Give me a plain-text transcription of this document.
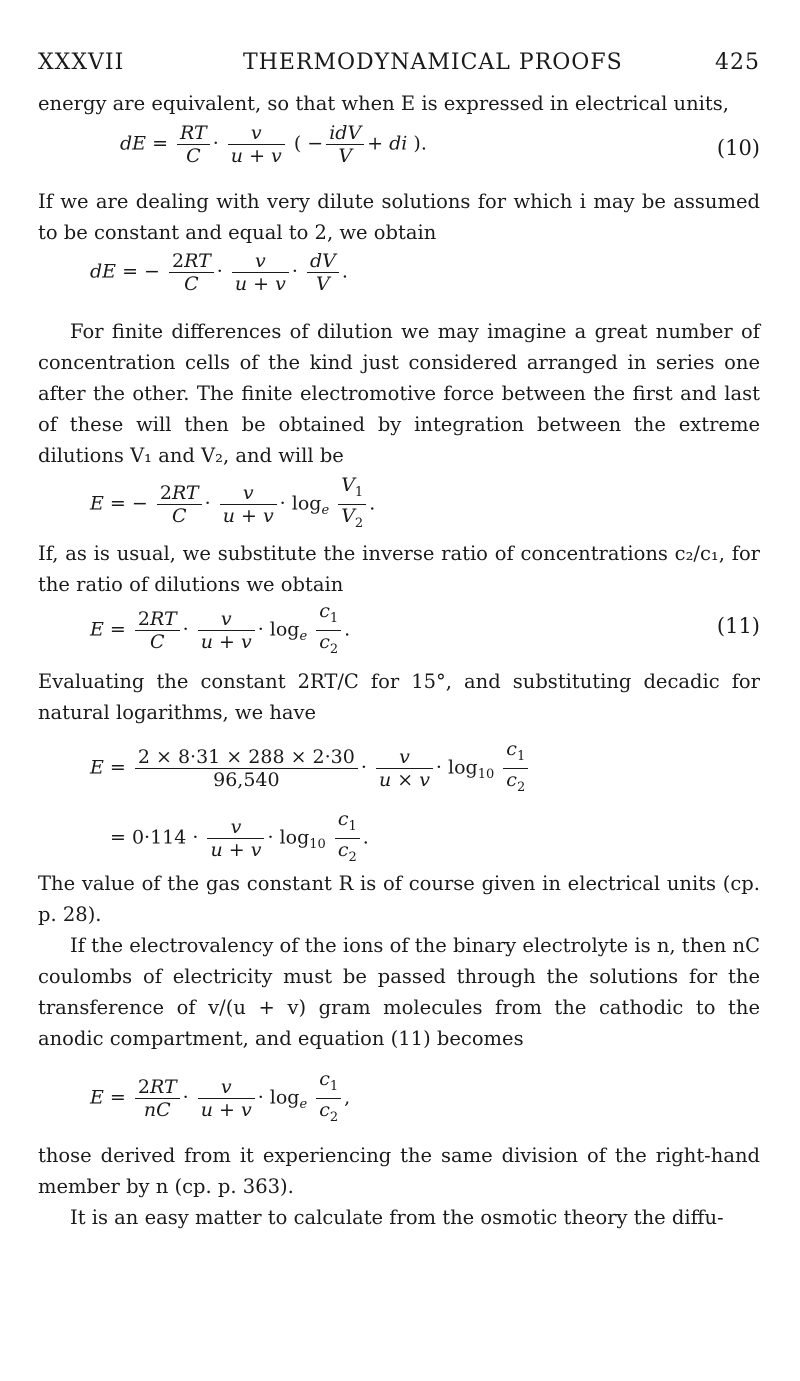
XXXVII	THERMODYNAMICAL PROOFS	425

energy are equivalent, so that when E is expressed in electrical units,

dE = $\frac{RT}{C} \cdot \frac{v}{u + v}$ ( − $\frac{\text{idV}}{V}$ + di ).	(10)

If we are dealing with very dilute solutions for which i may be assumed to be constant and equal to 2, we obtain

dE = − $\frac{2RT}{C} \cdot \frac{v}{u + v} \cdot \frac{dV}{V}$ .

For finite differences of dilution we may imagine a great number of concentration cells of the kind just considered arranged in series one after the other. The finite electromotive force between the first and last of these will then be obtained by integration between the extreme dilutions V₁ and V₂, and will be

E = − $\frac{2RT}{C} \cdot \frac{v}{u + v} \cdot \log_e \frac{V_1}{V_2}$ .

If, as is usual, we substitute the inverse ratio of concentrations c₂/c₁, for the ratio of dilutions we obtain

$E = \frac{2RT}{C} \cdot \frac{v}{u + v} \cdot \log_e \frac{c_1}{c_2}$ .	(11)

Evaluating the constant 2RT/C for 15°, and substituting decadic for natural logarithms, we have

$E = \frac{2 \times 8\cdot 31 \times 288 \times 2\cdot 30}{96,540} \cdot \frac{v}{u \times v} \cdot \log_{10} \frac{c_1}{c_2}$
= $0\cdot 114 \cdot \frac{v}{u + v} \cdot \log_{10} \frac{c_1}{c_2}$ .

The value of the gas constant R is of course given in electrical units (cp. p. 28).

If the electrovalency of the ions of the binary electrolyte is n, then nC coulombs of electricity must be passed through the solutions for the transference of v/(u + v) gram molecules from the cathodic to the anodic compartment, and equation (11) becomes

$E = \frac{2RT}{nC} \cdot \frac{v}{u + v} \cdot \log_e \frac{c_1}{c_2}$ ,

those derived from it experiencing the same division of the right-hand member by n (cp. p. 363).

It is an easy matter to calculate from the osmotic theory the diffu-
